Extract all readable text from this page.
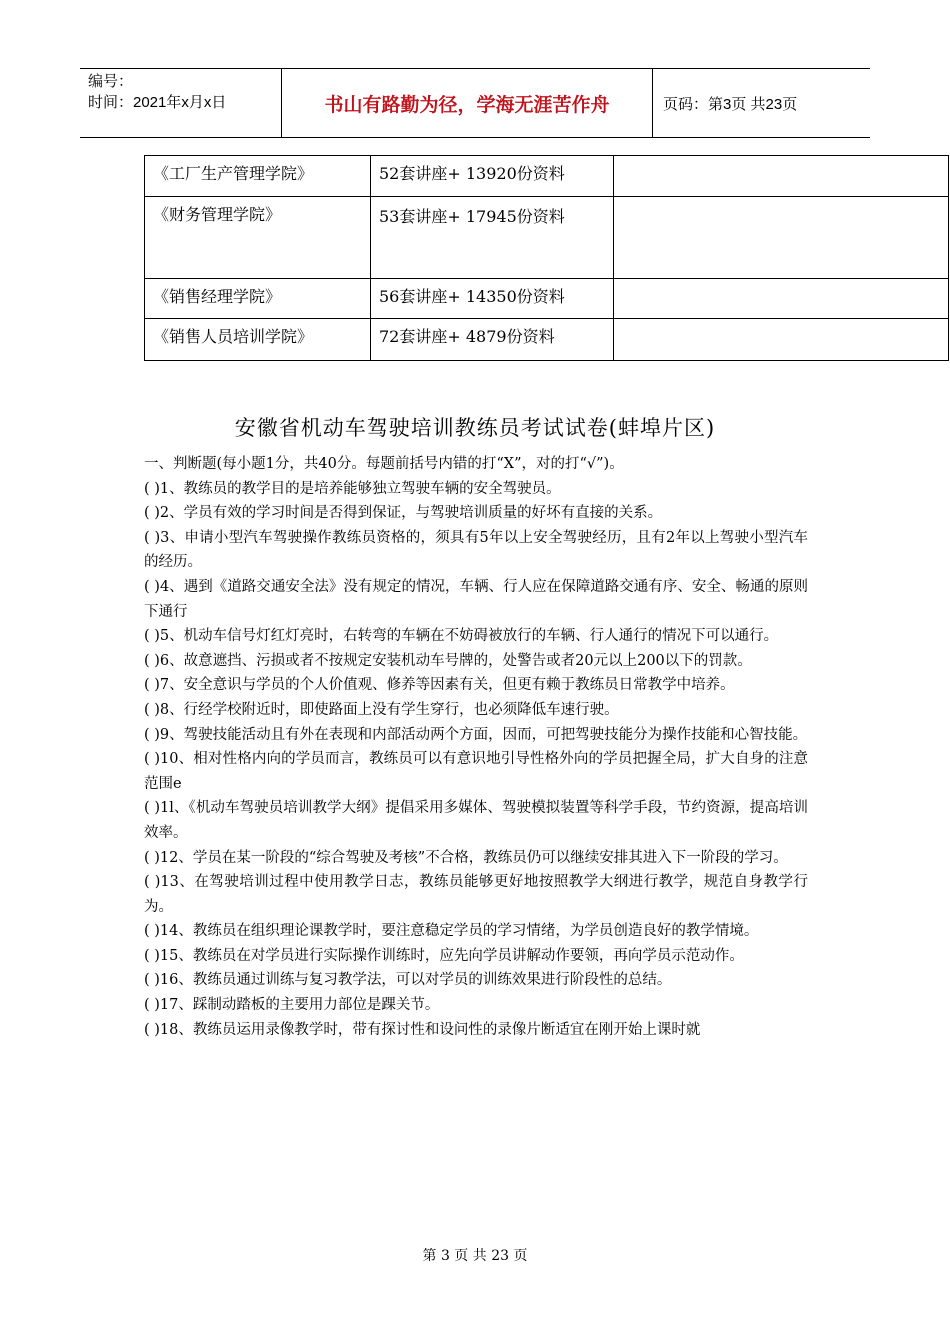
编号：
时间：2021年x月x日	书山有路勤为径，学海无涯苦作舟	页码：第3页 共23页
《工厂生产管理学院》	52套讲座+ 13920份资料	
《财务管理学院》	53套讲座+ 17945份资料	
《销售经理学院》	56套讲座+ 14350份资料	
《销售人员培训学院》	72套讲座+ 4879份资料	
安徽省机动车驾驶培训教练员考试试卷(蚌埠片区)

一、判断题(每小题1分，共40分。每题前括号内错的打“X”，对的打“√”)。

( )1、教练员的教学目的是培养能够独立驾驶车辆的安全驾驶员。

( )2、学员有效的学习时间是否得到保证，与驾驶培训质量的好坏有直接的关系。

( )3、申请小型汽车驾驶操作教练员资格的，须具有5年以上安全驾驶经历，且有2年以上驾驶小型汽车的经历。

( )4、遇到《道路交通安全法》没有规定的情况，车辆、行人应在保障道路交通有序、安全、畅通的原则下通行

( )5、机动车信号灯红灯亮时，右转弯的车辆在不妨碍被放行的车辆、行人通行的情况下可以通行。

( )6、故意遮挡、污损或者不按规定安装机动车号牌的，处警告或者20元以上200以下的罚款。

( )7、安全意识与学员的个人价值观、修养等因素有关，但更有赖于教练员日常教学中培养。

( )8、行经学校附近时，即使路面上没有学生穿行，也必须降低车速行驶。

( )9、驾驶技能活动且有外在表现和内部活动两个方面，因而，可把驾驶技能分为操作技能和心智技能。

( )10、相对性格内向的学员而言，教练员可以有意识地引导性格外向的学员把握全局，扩大自身的注意范围e

( )1l、《机动车驾驶员培训教学大纲》提倡采用多媒体、驾驶模拟装置等科学手段，节约资源，提高培训效率。

( )12、学员在某一阶段的“综合驾驶及考核”不合格，教练员仍可以继续安排其进入下一阶段的学习。

( )13、在驾驶培训过程中使用教学日志，教练员能够更好地按照教学大纲进行教学，规范自身教学行为。

( )14、教练员在组织理论课教学时，要注意稳定学员的学习情绪，为学员创造良好的教学情境。

( )15、教练员在对学员进行实际操作训练时，应先向学员讲解动作要领，再向学员示范动作。

( )16、教练员通过训练与复习教学法，可以对学员的训练效果进行阶段性的总结。

( )17、踩制动踏板的主要用力部位是踝关节。

( )18、教练员运用录像教学时，带有探讨性和设问性的录像片断适宜在刚开始上课时就

第 3 页 共 23 页
